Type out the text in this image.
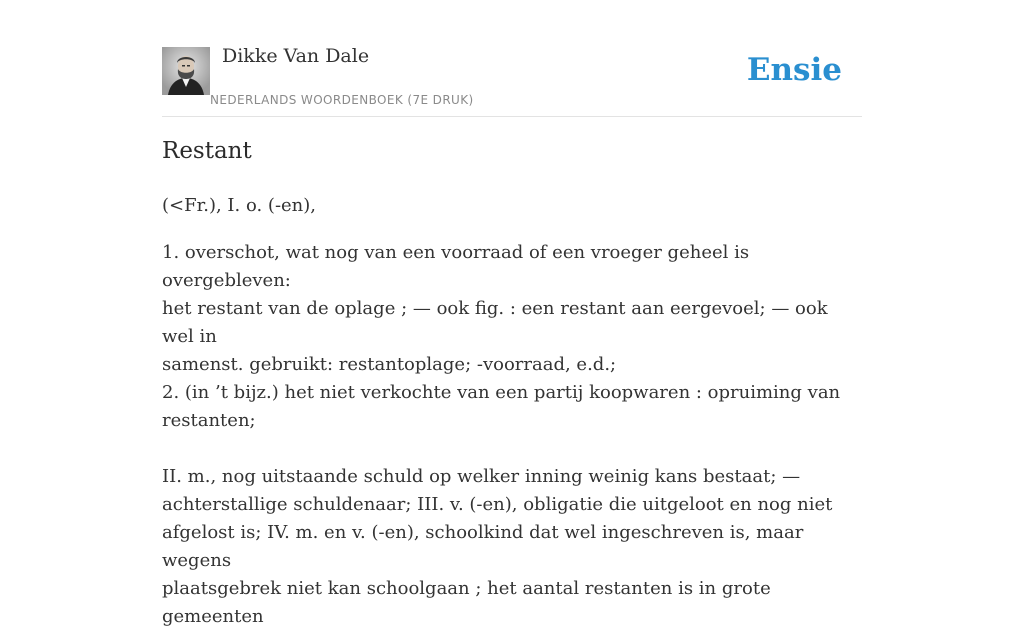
Dikke Van Dale
NEDERLANDS WOORDENBOEK (7E DRUK)
Ensie
Restant

(<Fr.), I. o. (-en),

1. overschot, wat nog van een voorraad of een vroeger geheel is overgebleven:

het restant van de oplage ; — ook fig. : een restant aan eergevoel; — ook wel in

samenst. gebruikt: restantoplage; -voorraad, e.d.;

2. (in ’t bijz.) het niet verkochte van een partij koopwaren : opruiming van

restanten;

II. m., nog uitstaande schuld op welker inning weinig kans bestaat; —

achterstallige schuldenaar; III. v. (-en), obligatie die uitgeloot en nog niet

afgelost is; IV. m. en v. (-en), schoolkind dat wel ingeschreven is, maar wegens

plaatsgebrek niet kan schoolgaan ; het aantal restanten is in grote gemeenten
